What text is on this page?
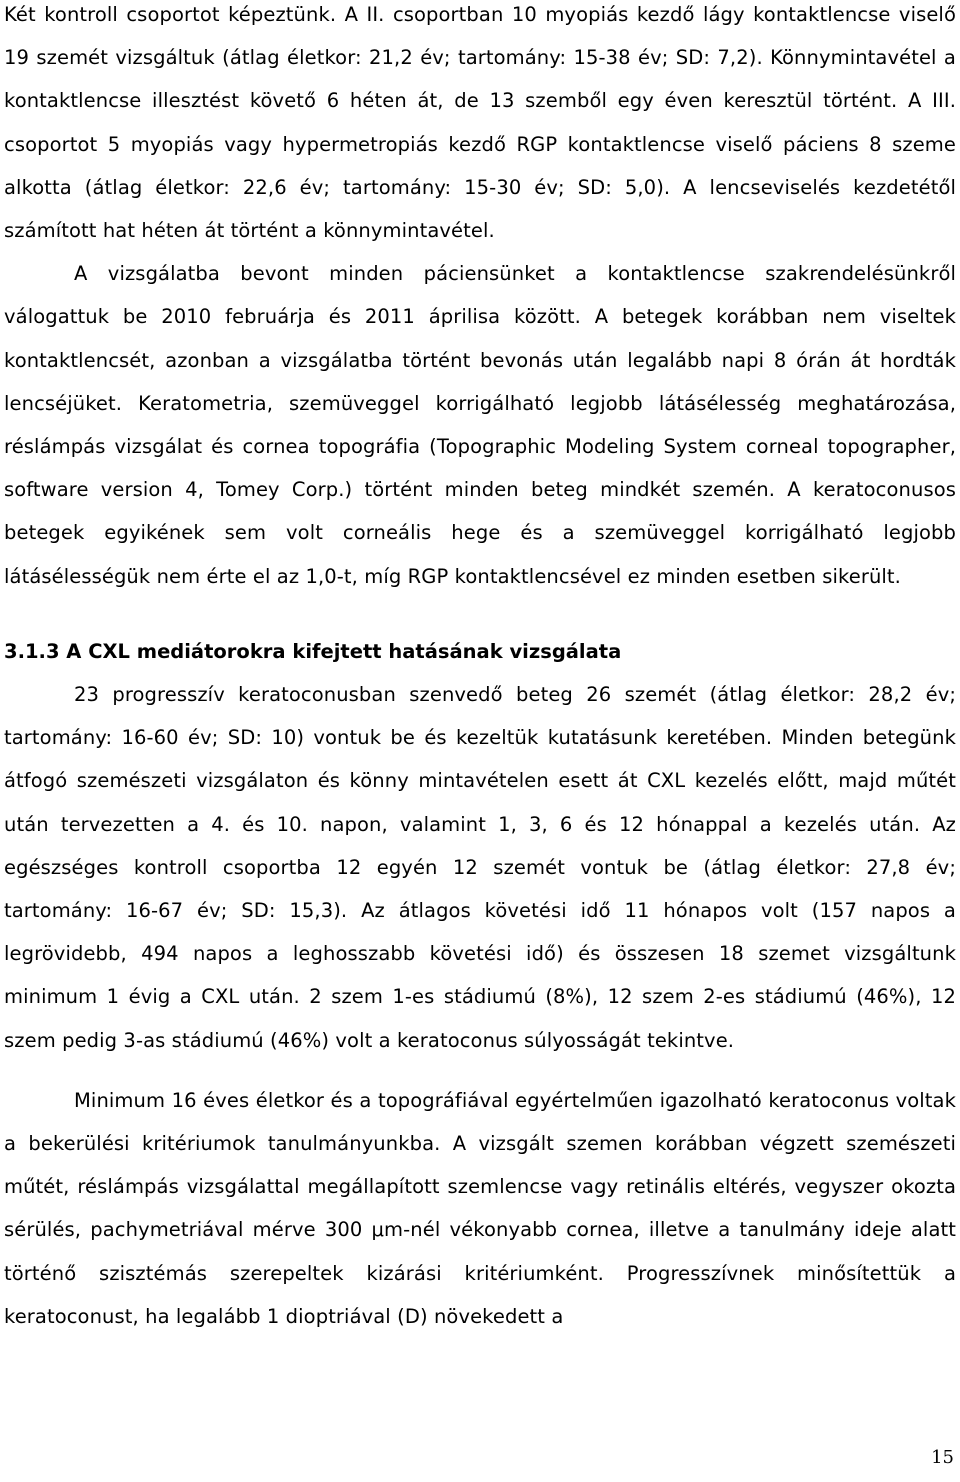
Két kontroll csoportot képeztünk. A II. csoportban 10 myopiás kezdő lágy kontaktlencse viselő 19 szemét vizsgáltuk (átlag életkor: 21,2 év; tartomány: 15-38 év; SD: 7,2). Könnymintavétel a kontaktlencse illesztést követő 6 héten át, de 13 szemből egy éven keresztül történt. A III. csoportot 5 myopiás vagy hypermetropiás kezdő RGP kontaktlencse viselő páciens 8 szeme alkotta (átlag életkor: 22,6 év; tartomány: 15-30 év; SD: 5,0). A lencseviselés kezdetétől számított hat héten át történt a könnymintavétel.

A vizsgálatba bevont minden páciensünket a kontaktlencse szakrendelésünkről válogattuk be 2010 februárja és 2011 áprilisa között. A betegek korábban nem viseltek kontaktlencsét, azonban a vizsgálatba történt bevonás után legalább napi 8 órán át hordták lencséjüket. Keratometria, szemüveggel korrigálható legjobb látásélesség meghatározása, réslámpás vizsgálat és cornea topográfia (Topographic Modeling System corneal topographer, software version 4, Tomey Corp.) történt minden beteg mindkét szemén. A keratoconusos betegek egyikének sem volt corneális hege és a szemüveggel korrigálható legjobb látásélességük nem érte el az 1,0-t, míg RGP kontaktlencsével ez minden esetben sikerült.

3.1.3 A CXL mediátorokra kifejtett hatásának vizsgálata

23 progresszív keratoconusban szenvedő beteg 26 szemét (átlag életkor: 28,2 év; tartomány: 16-60 év; SD: 10) vontuk be és kezeltük kutatásunk keretében. Minden betegünk átfogó szemészeti vizsgálaton és könny mintavételen esett át CXL kezelés előtt, majd műtét után tervezetten a 4. és 10. napon, valamint 1, 3, 6 és 12 hónappal a kezelés után. Az egészséges kontroll csoportba 12 egyén 12 szemét vontuk be (átlag életkor: 27,8 év; tartomány: 16-67 év; SD: 15,3). Az átlagos követési idő 11 hónapos volt (157 napos a legrövidebb, 494 napos a leghosszabb követési idő) és összesen 18 szemet vizsgáltunk minimum 1 évig a CXL után. 2 szem 1-es stádiumú (8%), 12 szem 2-es stádiumú (46%), 12 szem pedig 3-as stádiumú (46%) volt a keratoconus súlyosságát tekintve.

Minimum 16 éves életkor és a topográfiával egyértelműen igazolható keratoconus voltak a bekerülési kritériumok tanulmányunkba. A vizsgált szemen korábban végzett szemészeti műtét, réslámpás vizsgálattal megállapított szemlencse vagy retinális eltérés, vegyszer okozta sérülés, pachymetriával mérve 300 μm-nél vékonyabb cornea, illetve a tanulmány ideje alatt történő szisztémás szerepeltek kizárási kritériumként. Progresszívnek minősítettük a keratoconust, ha legalább 1 dioptriával (D) növekedett a

15
